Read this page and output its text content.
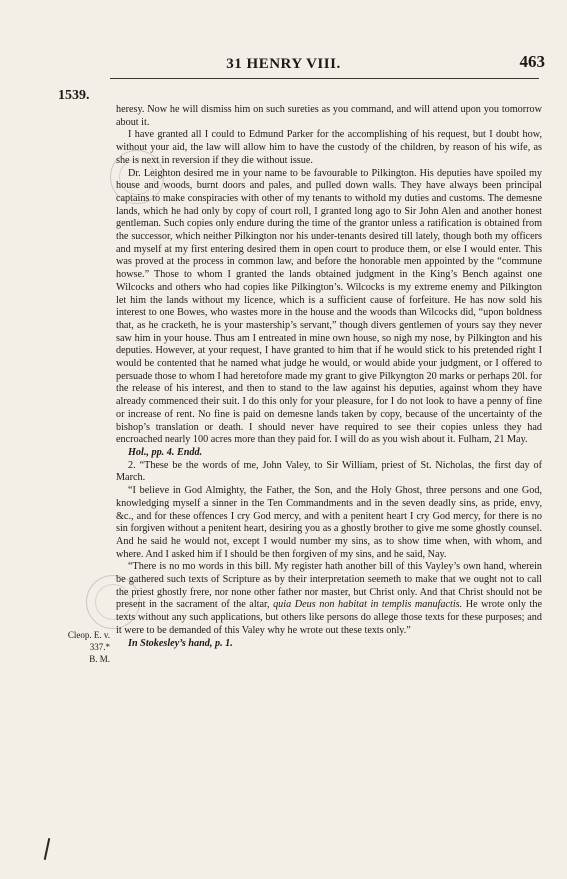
31 HENRY VIII.	463
1539.

heresy. Now he will dismiss him on such sureties as you command, and will attend upon you tomorrow about it.

I have granted all I could to Edmund Parker for the accomplishing of his request, but I doubt how, without your aid, the law will allow him to have the custody of the children, by reason of his wife, as she is next in reversion if they die without issue.

Dr. Leighton desired me in your name to be favourable to Pilkington. His deputies have spoiled my house and woods, burnt doors and pales, and pulled down walls. They have always been principal captains to make conspiracies with other of my tenants to withold my duties and customs. The demesne lands, which he had only by copy of court roll, I granted long ago to Sir John Alen and another honest gentleman. Such copies only endure during the time of the grantor unless a ratification is obtained from the successor, which neither Pilkington nor his under-tenants desired till lately, though both my officers and myself at my first entering desired them in open court to produce them, or else I would enter. This was proved at the process in common law, and before the honorable men appointed by the “commune howse.” Those to whom I granted the lands obtained judgment in the King’s Bench against one Wilcocks and others who had copies like Pilkington’s. Wilcocks is my extreme enemy and Pilkington let him the lands without my licence, which is a sufficient cause of forfeiture. He has now sold his interest to one Bowes, who wastes more in the house and the woods than Wilcocks did, “upon boldness that, as he cracketh, he is your mastership’s servant,” though divers gentlemen of yours say they never saw him in your house. Thus am I entreated in mine own house, so nigh my nose, by Pilkington and his deputies. However, at your request, I have granted to him that if he would stick to his pretended right I would be contented that he named what judge he would, or would abide your judgment, or I offered to persuade those to whom I had heretofore made my grant to give Pilkyngton 20 marks or perhaps 20l. for the release of his interest, and then to stand to the law against his deputies, against whom they have already commenced their suit. I do this only for your pleasure, for I do not look to have a penny of fine or increase of rent. No fine is paid on demesne lands taken by copy, because of the uncertainty of the bishop’s translation or death. I should never have required to see their copies unless they had encroached nearly 100 acres more than they paid for. I will do as you wish about it. Fulham, 21 May.

Hol., pp. 4. Endd.

2. “These be the words of me, John Valey, to Sir William, priest of St. Nicholas, the first day of March.

“I believe in God Almighty, the Father, the Son, and the Holy Ghost, three persons and one God, knowledging myself a sinner in the Ten Commandments and in the seven deadly sins, as pride, envy, &c., and for these offences I cry God mercy, and with a penitent heart I cry God mercy, for there is no sin forgiven without a penitent heart, desiring you as a ghostly brother to give me some ghostly counsel. And he said he would not, except I would number my sins, as to show time when, with whom, and where. And I asked him if I should be then forgiven of my sins, and he said, Nay.

“There is no mo words in this bill. My register hath another bill of this Vayley’s own hand, wherein be gathered such texts of Scripture as by their interpretation seemeth to make that we ought not to call the priest ghostly frere, nor none other father nor master, but Christ only. And that Christ should not be present in the sacrament of the altar, quia Deus non habitat in templis manufactis. He wrote only the texts without any such applications, but others like persons do allege those texts for these purposes; and it were to be demanded of this Valey why he wrote out these texts only.”

In Stokesley’s hand, p. 1.

Cleop. E. v.
337.*
B. M.
